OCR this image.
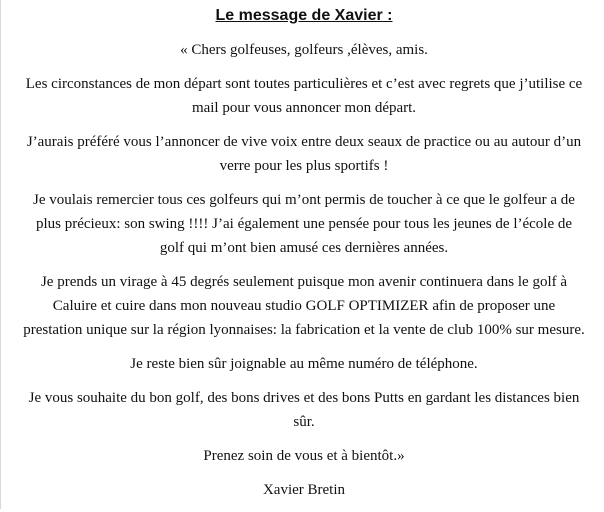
Le message de Xavier :
« Chers golfeuses, golfeurs ,élèves, amis.
Les circonstances de mon départ sont toutes particulières et c’est avec regrets que j’utilise ce mail pour vous annoncer mon départ.
J’aurais préféré vous l’annoncer de vive voix entre deux seaux de practice ou au autour d’un verre pour les plus sportifs !
Je voulais remercier tous ces golfeurs qui m’ont permis de toucher à ce que le golfeur a de plus précieux: son swing !!!! J’ai également une pensée pour tous les jeunes de l’école de golf qui m’ont bien amusé ces dernières années.
Je prends un virage à 45 degrés seulement puisque mon avenir continuera dans le golf à Caluire et cuire dans mon nouveau studio GOLF OPTIMIZER afin de proposer une prestation unique sur la région lyonnaises: la fabrication et la vente de club 100% sur mesure.
Je reste bien sûr joignable au même numéro de téléphone.
Je vous souhaite du bon golf, des bons drives et des bons Putts en gardant les distances bien sûr.
Prenez soin de vous et à bientôt.»
Xavier Bretin
